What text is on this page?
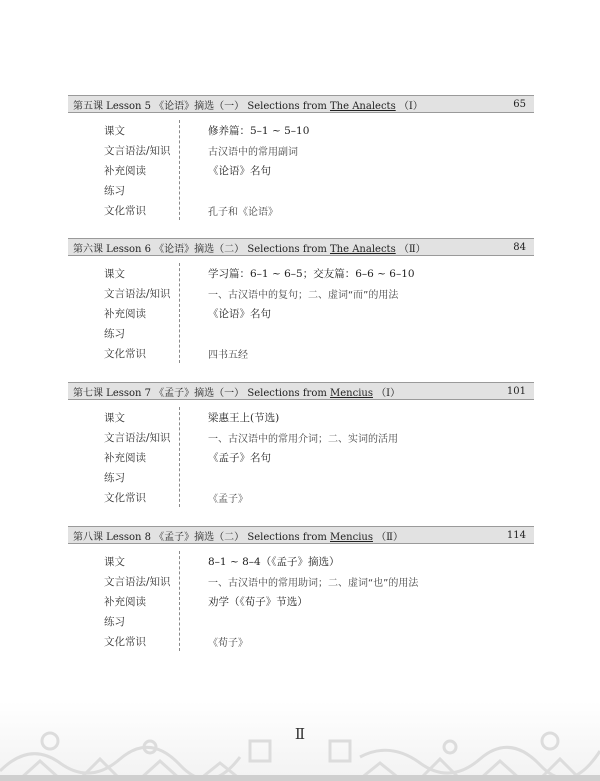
第五课 Lesson 5 《论语》摘选（一） Selections from The Analects （I）	65
课文	修养篇：5–1 ~ 5–10
文言语法/知识	古汉语中的常用副词
补充阅读	《论语》名句
练习
文化常识	孔子和《论语》
第六课 Lesson 6 《论语》摘选（二） Selections from The Analects （Ⅱ）	84
课文	学习篇：6–1 ~ 6–5；交友篇：6–6 ~ 6–10
文言语法/知识	一、古汉语中的复句；二、虚词“而”的用法
补充阅读	《论语》名句
练习
文化常识	四书五经
第七课 Lesson 7 《孟子》摘选（一） Selections from Mencius （I）	101
课文	梁惠王上(节选)
文言语法/知识	一、古汉语中的常用介词；二、实词的活用
补充阅读	《孟子》名句
练习
文化常识	《孟子》
第八课 Lesson 8 《孟子》摘选（二） Selections from Mencius （Ⅱ）	114
课文	8–1 ~ 8–4（《孟子》摘选）
文言语法/知识	一、古汉语中的常用助词；二、虚词“也”的用法
补充阅读	劝学（《荀子》节选）
练习
文化常识	《荀子》
Ⅱ
